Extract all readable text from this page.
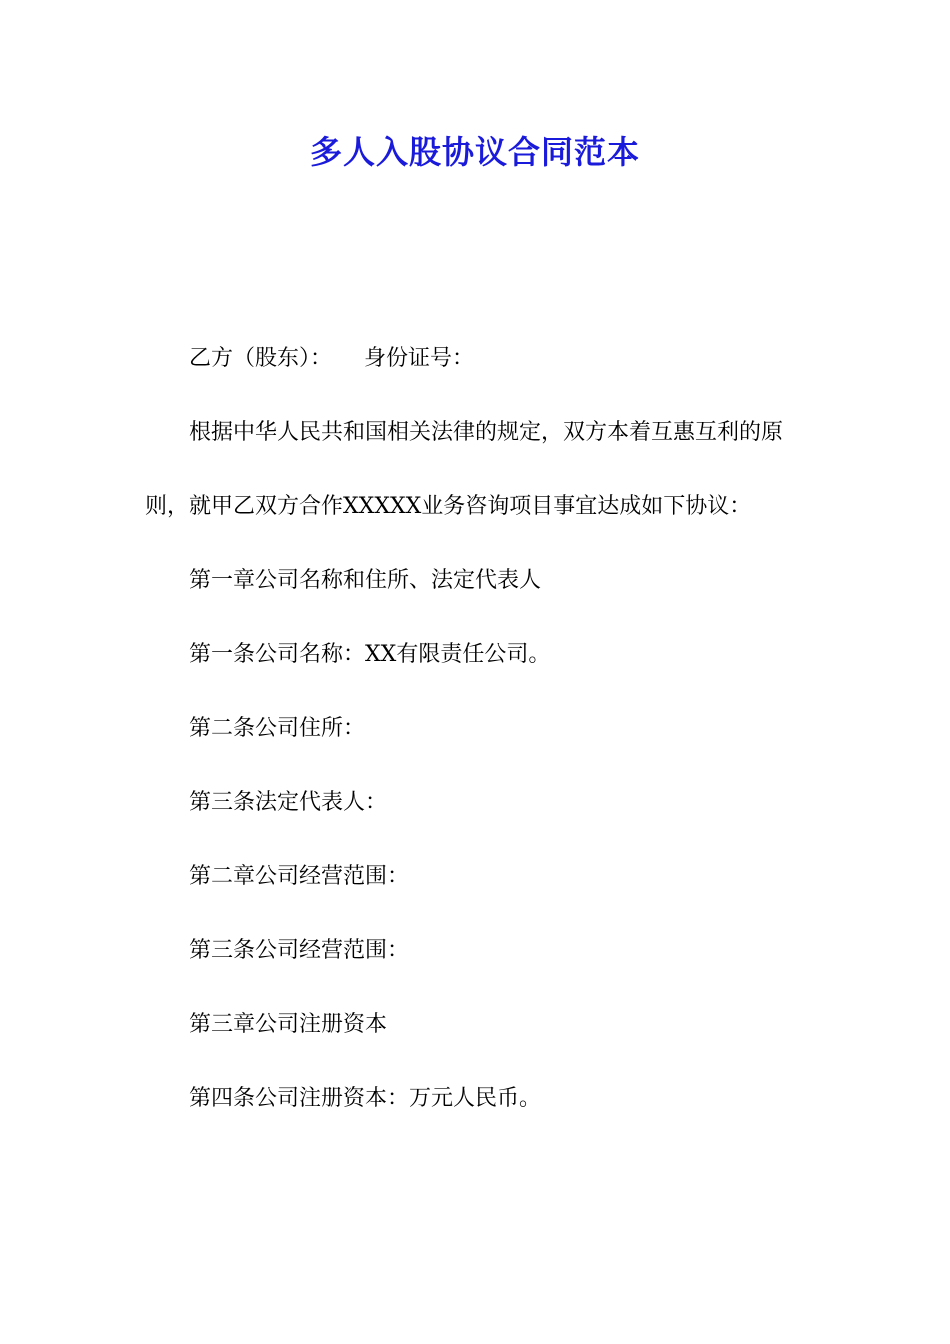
多人入股协议合同范本

乙方（股东）： 身份证号：

根据中华人民共和国相关法律的规定，双方本着互惠互利的原则，就甲乙双方合作XXXXX业务咨询项目事宜达成如下协议：

第一章公司名称和住所、法定代表人

第一条公司名称：XX有限责任公司。

第二条公司住所：

第三条法定代表人：

第二章公司经营范围：

第三条公司经营范围：

第三章公司注册资本

第四条公司注册资本：万元人民币。
